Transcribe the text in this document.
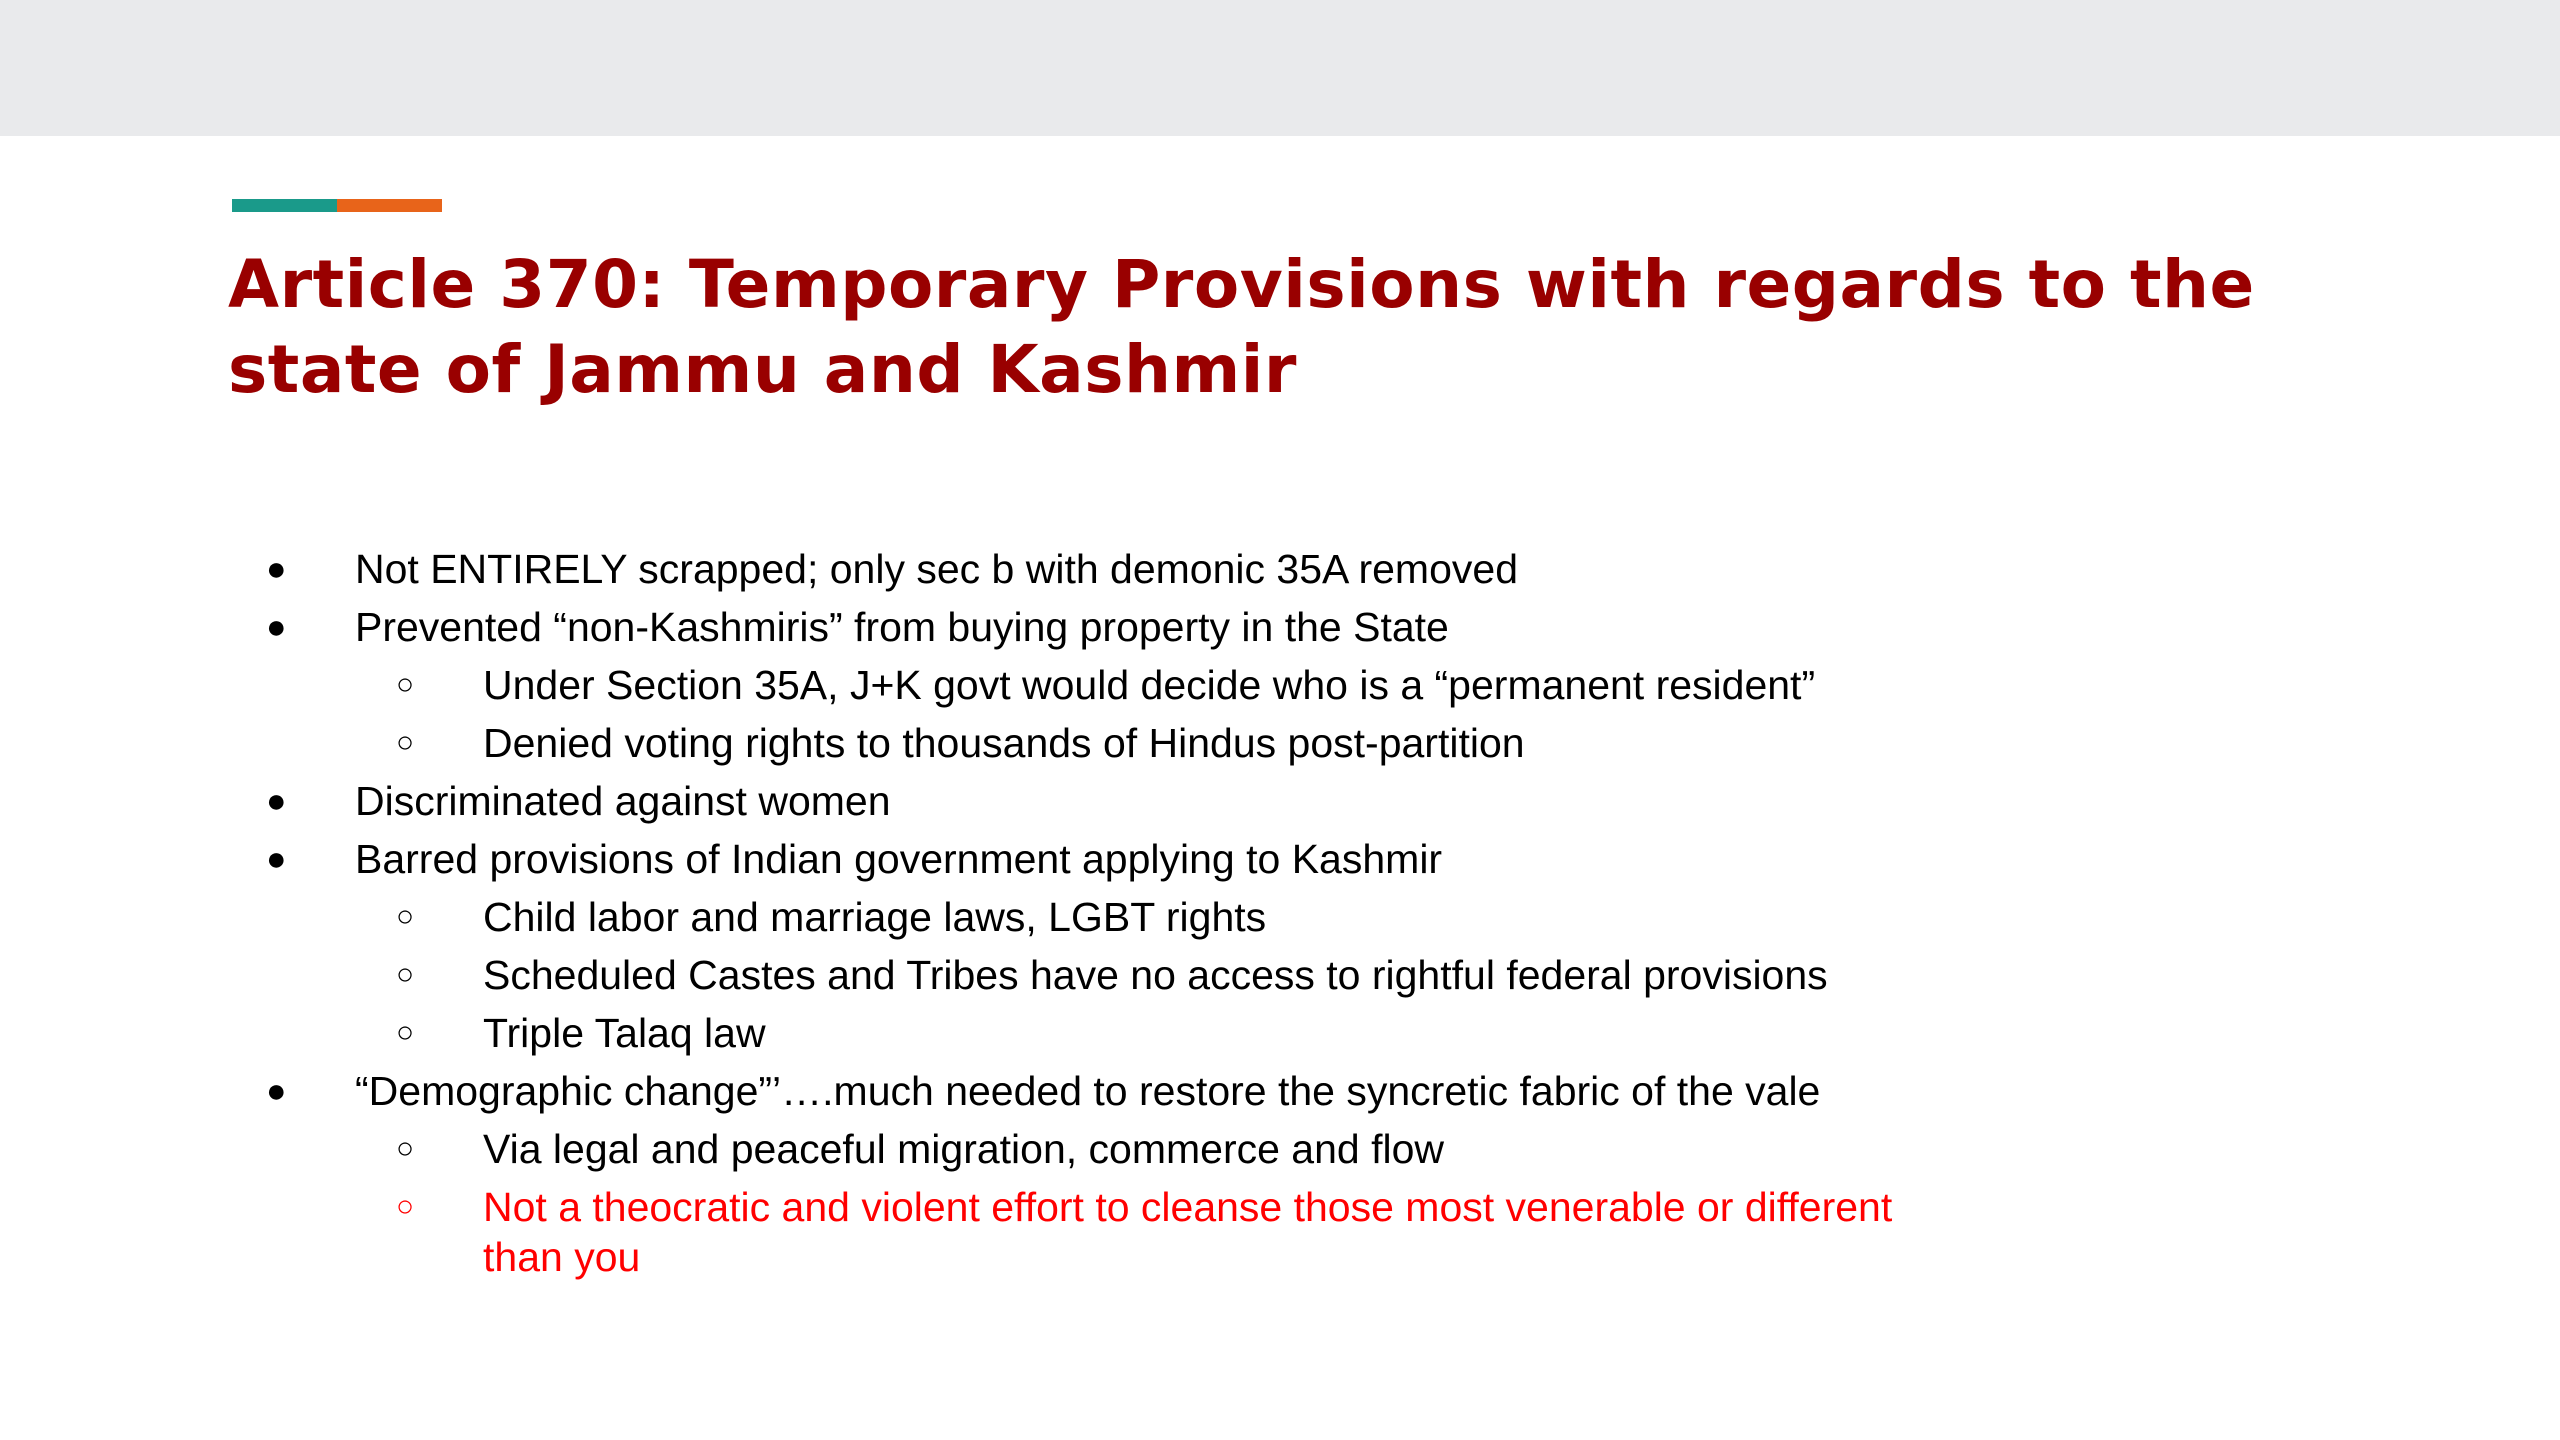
Article 370: Temporary Provisions with regards to the state of Jammu and Kashmir
● Not ENTIRELY scrapped; only sec b with demonic 35A removed
● Prevented “non-Kashmiris” from buying property in the State
○ Under Section 35A, J+K govt would decide who is a “permanent resident”
○ Denied voting rights to thousands of Hindus post-partition
● Discriminated against women
● Barred provisions of Indian government applying to Kashmir
○ Child labor and marriage laws, LGBT rights
○ Scheduled Castes and Tribes have no access to rightful federal provisions
○ Triple Talaq law
● “Demographic change”’….much needed to restore the syncretic fabric of the vale
○ Via legal and peaceful migration, commerce and flow
○ Not a theocratic and violent effort to cleanse those most venerable or different than you
